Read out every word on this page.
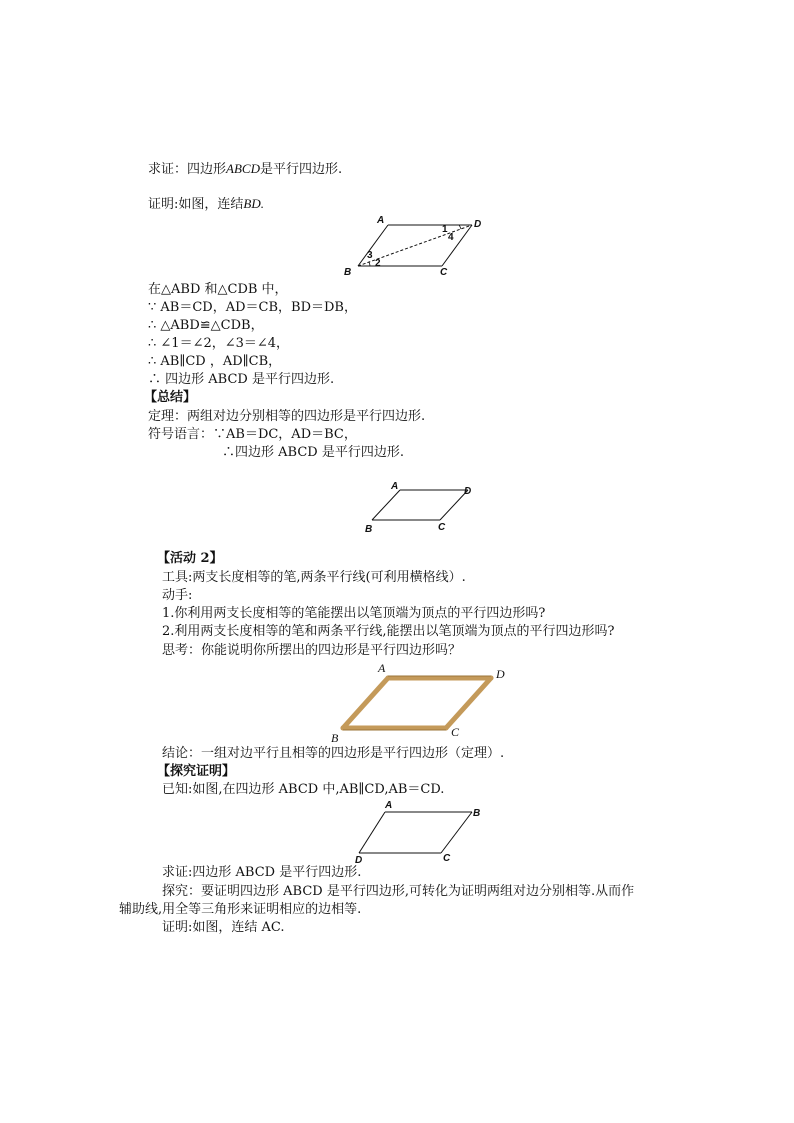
求证：四边形ABCD是平行四边形.
证明:如图，连结BD.
A	D
B	C
1
4
3
2
在△ABD 和△CDB 中，
∵ AB＝CD，AD＝CB，BD＝DB，
∴ △ABD≌△CDB，
∴ ∠1＝∠2，∠3＝∠4，
∴ AB∥CD ，AD∥CB，
∴ 四边形 ABCD 是平行四边形.
【总结】
定理：两组对边分别相等的四边形是平行四边形.
符号语言：∵AB＝DC，AD＝BC，
∴四边形 ABCD 是平行四边形.
A	D
B	C
【活动 2】
工具:两支长度相等的笔,两条平行线(可利用横格线）.
动手:
1.你利用两支长度相等的笔能摆出以笔顶端为顶点的平行四边形吗?
2.利用两支长度相等的笔和两条平行线,能摆出以笔顶端为顶点的平行四边形吗?
思考：你能说明你所摆出的四边形是平行四边形吗？
A	D
B	C
结论：一组对边平行且相等的四边形是平行四边形（定理）.
【探究证明】
已知:如图,在四边形 ABCD 中,AB∥CD,AB＝CD.
A
B
D	C
求证:四边形 ABCD 是平行四边形.
探究：要证明四边形 ABCD 是平行四边形,可转化为证明两组对边分别相等.从而作
辅助线,用全等三角形来证明相应的边相等.
证明:如图，连结 AC.
